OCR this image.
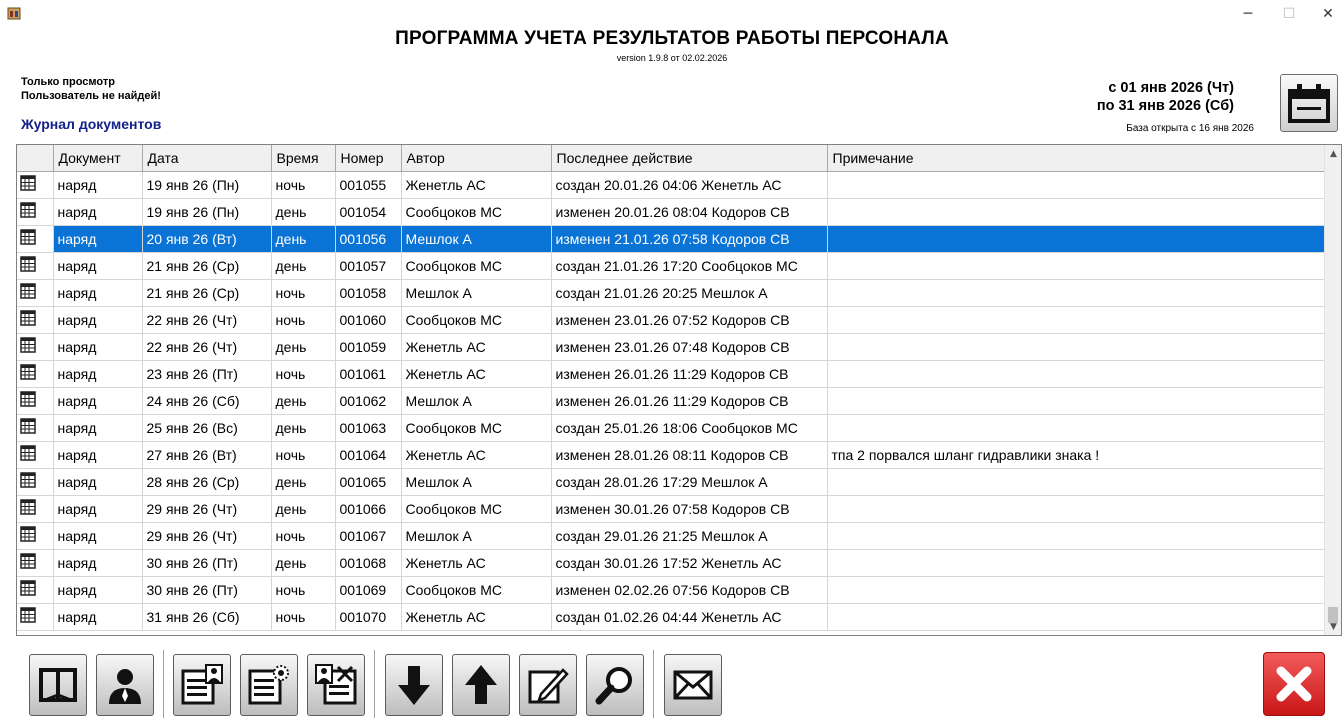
─ ☐ ✕
ПРОГРАММА УЧЕТА РЕЗУЛЬТАТОВ РАБОТЫ ПЕРСОНАЛА
version 1.9.8 от 02.02.2026
Только просмотр
Пользователь не найдей!
Журнал документов
с 01 янв 2026 (Чт)
по 31 янв 2026 (Сб)
База открыта с 16 янв 2026
	Документ	Дата	Время	Номер	Автор	Последнее действие	Примечание
	наряд	19 янв 26 (Пн)	ночь	001055	Женетль АС	создан 20.01.26 04:06 Женетль АС	
	наряд	19 янв 26 (Пн)	день	001054	Сообцоков МС	изменен 20.01.26 08:04 Кодоров СВ	
	наряд	20 янв 26 (Вт)	день	001056	Мешлок А	изменен 21.01.26 07:58 Кодоров СВ	
	наряд	21 янв 26 (Ср)	день	001057	Сообцоков МС	создан 21.01.26 17:20 Сообцоков МС	
	наряд	21 янв 26 (Ср)	ночь	001058	Мешлок А	создан 21.01.26 20:25 Мешлок А	
	наряд	22 янв 26 (Чт)	ночь	001060	Сообцоков МС	изменен 23.01.26 07:52 Кодоров СВ	
	наряд	22 янв 26 (Чт)	день	001059	Женетль АС	изменен 23.01.26 07:48 Кодоров СВ	
	наряд	23 янв 26 (Пт)	ночь	001061	Женетль АС	изменен 26.01.26 11:29 Кодоров СВ	
	наряд	24 янв 26 (Сб)	день	001062	Мешлок А	изменен 26.01.26 11:29 Кодоров СВ	
	наряд	25 янв 26 (Вс)	день	001063	Сообцоков МС	создан 25.01.26 18:06 Сообцоков МС	
	наряд	27 янв 26 (Вт)	ночь	001064	Женетль АС	изменен 28.01.26 08:11 Кодоров СВ	тпа 2 порвался шланг гидравлики знака !
	наряд	28 янв 26 (Ср)	день	001065	Мешлок А	создан 28.01.26 17:29 Мешлок А	
	наряд	29 янв 26 (Чт)	день	001066	Сообцоков МС	изменен 30.01.26 07:58 Кодоров СВ	
	наряд	29 янв 26 (Чт)	ночь	001067	Мешлок А	создан 29.01.26 21:25 Мешлок А	
	наряд	30 янв 26 (Пт)	день	001068	Женетль АС	создан 30.01.26 17:52 Женетль АС	
	наряд	30 янв 26 (Пт)	ночь	001069	Сообцоков МС	изменен 02.02.26 07:56 Кодоров СВ	
	наряд	31 янв 26 (Сб)	ночь	001070	Женетль АС	создан 01.02.26 04:44 Женетль АС	
▲
▼
